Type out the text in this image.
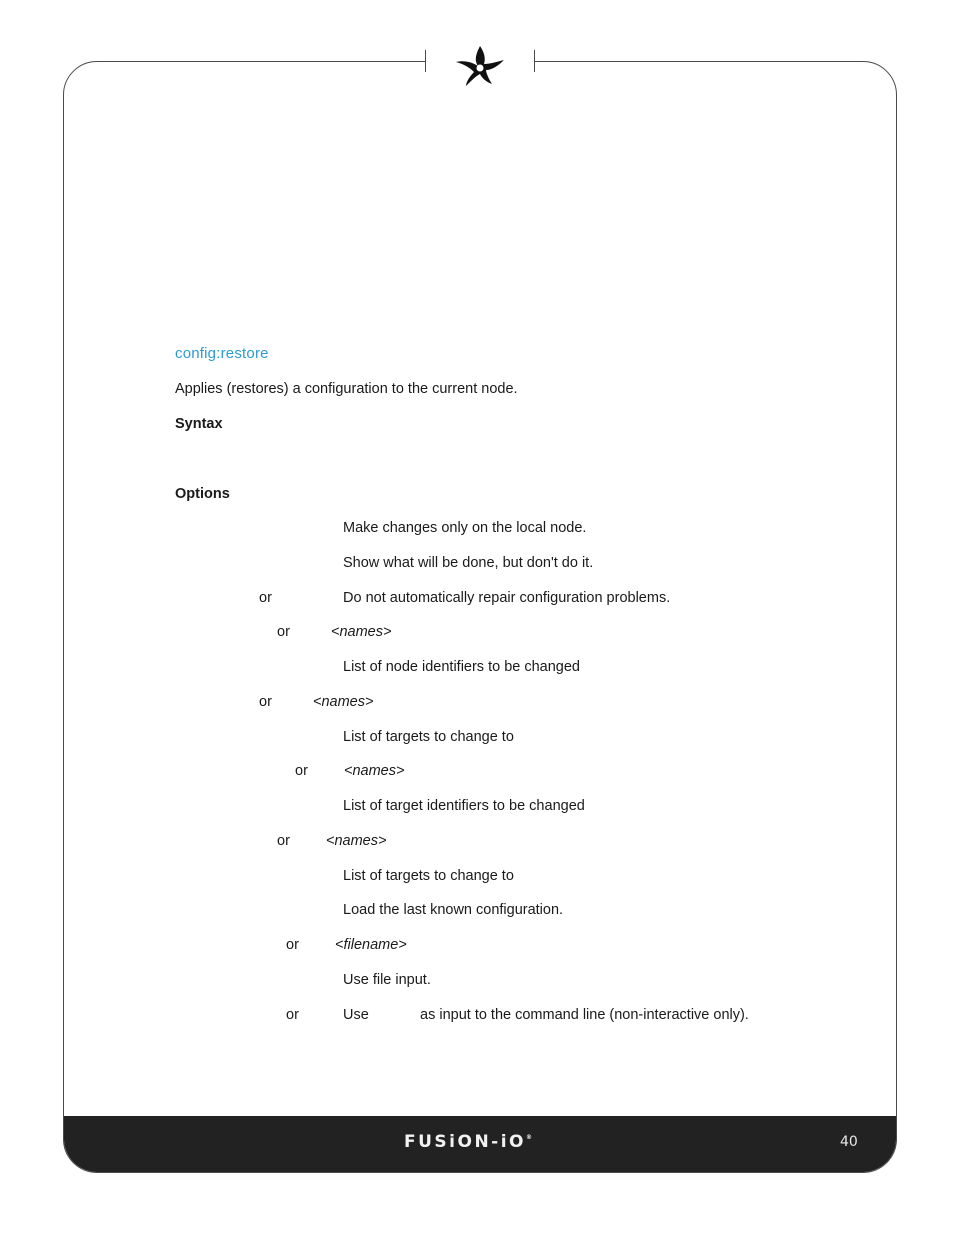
FUSiON-iO®	40
config:restore
Applies (restores) a configuration to the current node.
Syntax
Options
Make changes only on the local node.
Show what will be done, but don't do it.
or	Do not automatically repair configuration problems.
or	<names>
List of node identifiers to be changed
or	<names>
List of targets to change to
or <names>
List of target identifiers to be changed
or <names>
List of targets to change to
Load the last known configuration.
or <filename>
Use file input.
or	Use	as input to the command line (non-interactive only).
